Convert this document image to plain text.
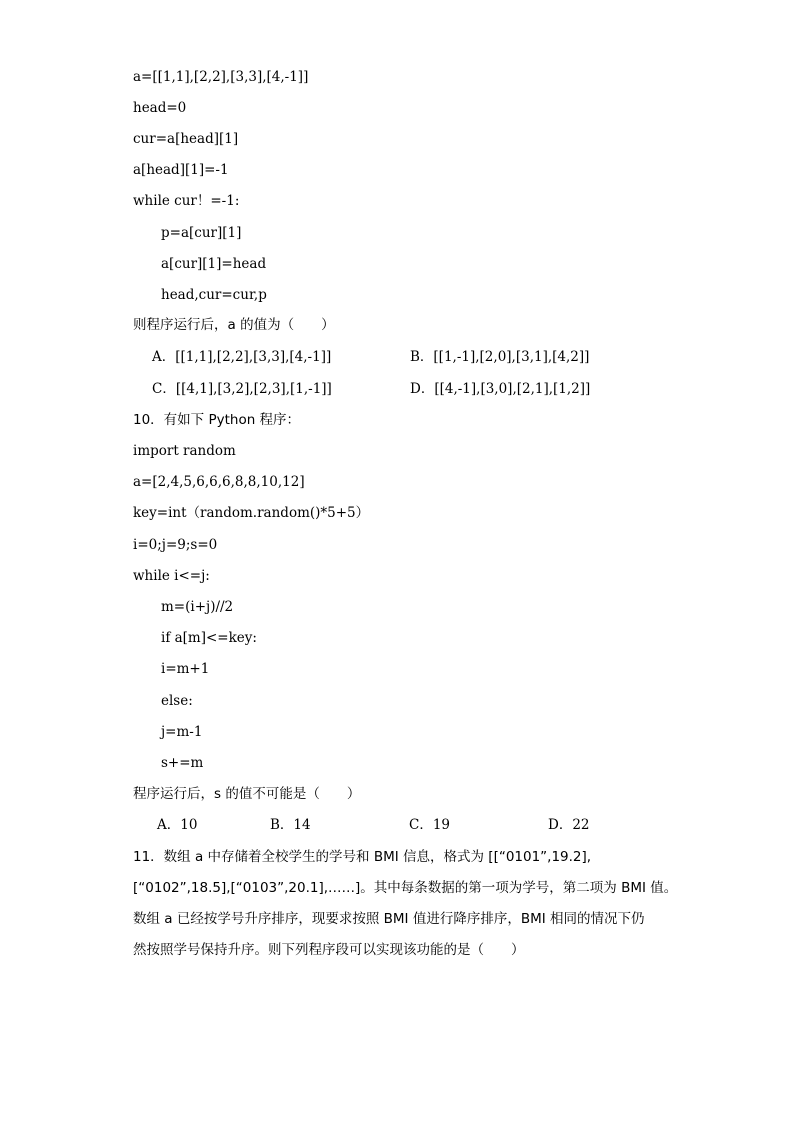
a=[[1,1],[2,2],[3,3],[4,-1]]
head=0
cur=a[head][1]
a[head][1]=-1
while cur！=-1:
p=a[cur][1]
a[cur][1]=head
head,cur=cur,p
则程序运行后，a 的值为（　　）
A．[[1,1],[2,2],[3,3],[4,-1]]	B．[[1,-1],[2,0],[3,1],[4,2]]
C．[[4,1],[3,2],[2,3],[1,-1]]	D．[[4,-1],[3,0],[2,1],[1,2]]
10．有如下 Python 程序：
import random
a=[2,4,5,6,6,6,8,8,10,12]
key=int（random.random()*5+5）
i=0;j=9;s=0
while i<=j:
m=(i+j)//2
if a[m]<=key:
i=m+1
else:
j=m-1
s+=m
程序运行后，s 的值不可能是（　　）
A．10	B．14	C．19	D．22
11．数组 a 中存储着全校学生的学号和 BMI 信息，格式为 [[“0101”,19.2],
[“0102”,18.5],[“0103”,20.1],……]。其中每条数据的第一项为学号，第二项为 BMI 值。
数组 a 已经按学号升序排序，现要求按照 BMI 值进行降序排序，BMI 相同的情况下仍
然按照学号保持升序。则下列程序段可以实现该功能的是（　　）
